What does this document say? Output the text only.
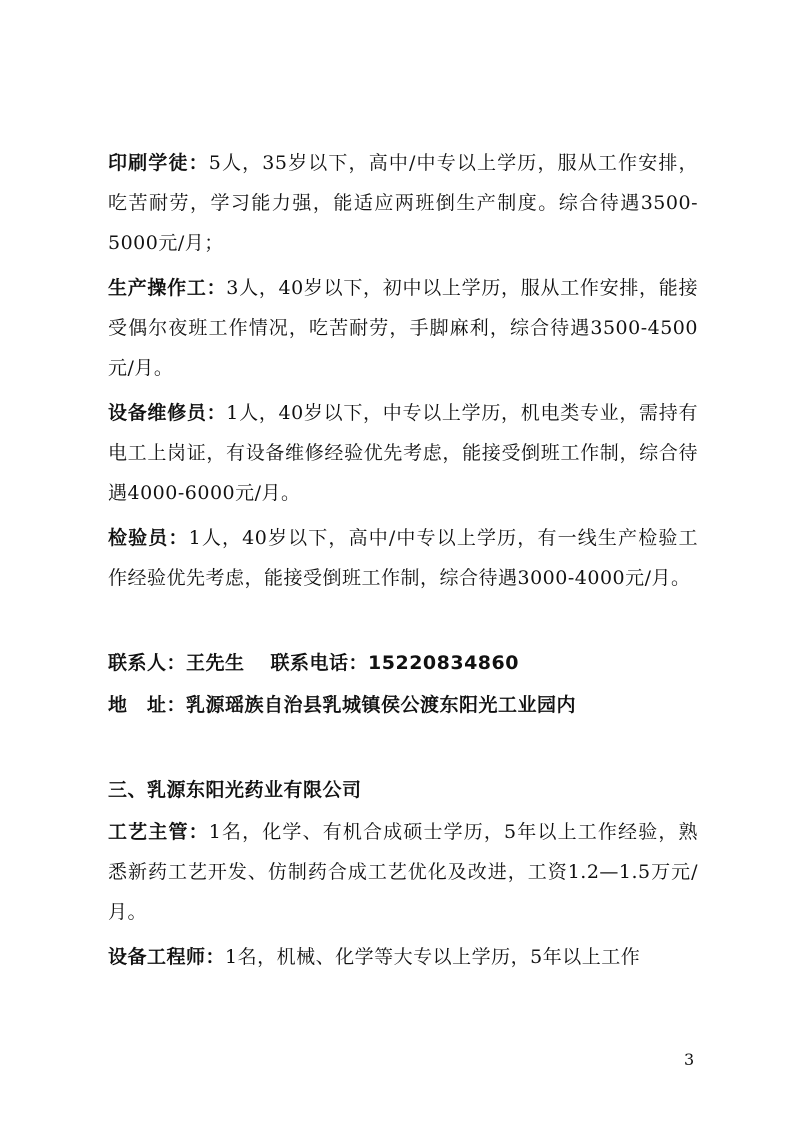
印刷学徒：5人，35岁以下，高中/中专以上学历，服从工作安排，吃苦耐劳，学习能力强，能适应两班倒生产制度。综合待遇3500-5000元/月；
生产操作工：3人，40岁以下，初中以上学历，服从工作安排，能接受偶尔夜班工作情况，吃苦耐劳，手脚麻利，综合待遇3500-4500元/月。
设备维修员：1人，40岁以下，中专以上学历，机电类专业，需持有电工上岗证，有设备维修经验优先考虑，能接受倒班工作制，综合待遇4000-6000元/月。
检验员：1人，40岁以下，高中/中专以上学历，有一线生产检验工作经验优先考虑，能接受倒班工作制，综合待遇3000-4000元/月。
联系人：王先生 联系电话：15220834860
地　址：乳源瑶族自治县乳城镇侯公渡东阳光工业园内
三、乳源东阳光药业有限公司
工艺主管：1名，化学、有机合成硕士学历，5年以上工作经验，熟悉新药工艺开发、仿制药合成工艺优化及改进，工资1.2—1.5万元/月。
设备工程师：1名，机械、化学等大专以上学历，5年以上工作
3
